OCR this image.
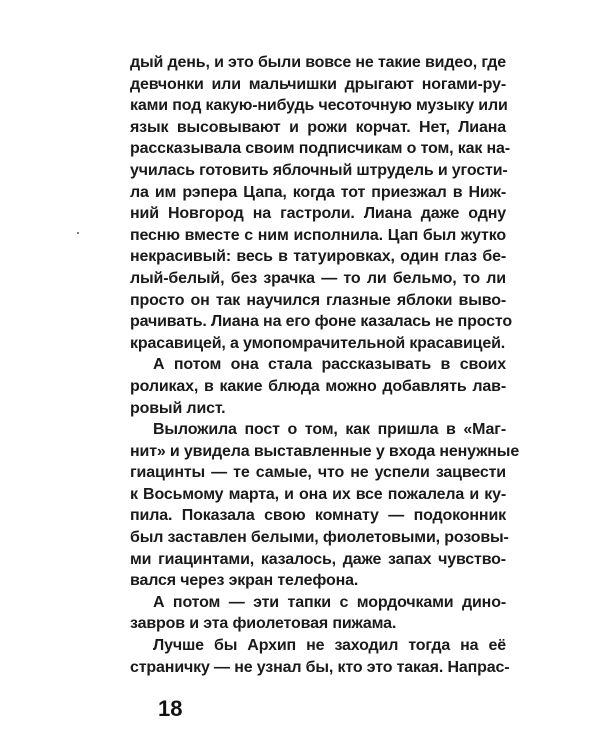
дый день, и это были вовсе не такие видео, где
девчонки или мальчишки дрыгают ногами-ру-
ками под какую-нибудь чесоточную музыку или
язык высовывают и рожи корчат. Нет, Лиана
рассказывала своим подписчикам о том, как на-
училась готовить яблочный штрудель и угости-
ла им рэпера Цапа, когда тот приезжал в Ниж-
ний Новгород на гастроли. Лиана даже одну
песню вместе с ним исполнила. Цап был жутко
некрасивый: весь в татуировках, один глаз бе-
лый-белый, без зрачка — то ли бельмо, то ли
просто он так научился глазные яблоки выво-
рачивать. Лиана на его фоне казалась не просто
красавицей, а умопомрачительной красавицей.
А потом она стала рассказывать в своих
роликах, в какие блюда можно добавлять лав-
ровый лист.
Выложила пост о том, как пришла в «Маг-
нит» и увидела выставленные у входа ненужные
гиацинты — те самые, что не успели зацвести
к Восьмому марта, и она их все пожалела и ку-
пила. Показала свою комнату — подоконник
был заставлен белыми, фиолетовыми, розовы-
ми гиацинтами, казалось, даже запах чувство-
вался через экран телефона.
А потом — эти тапки с мордочками дино-
завров и эта фиолетовая пижама.
Лучше бы Архип не заходил тогда на её
страничку — не узнал бы, кто это такая. Напрас-
18
